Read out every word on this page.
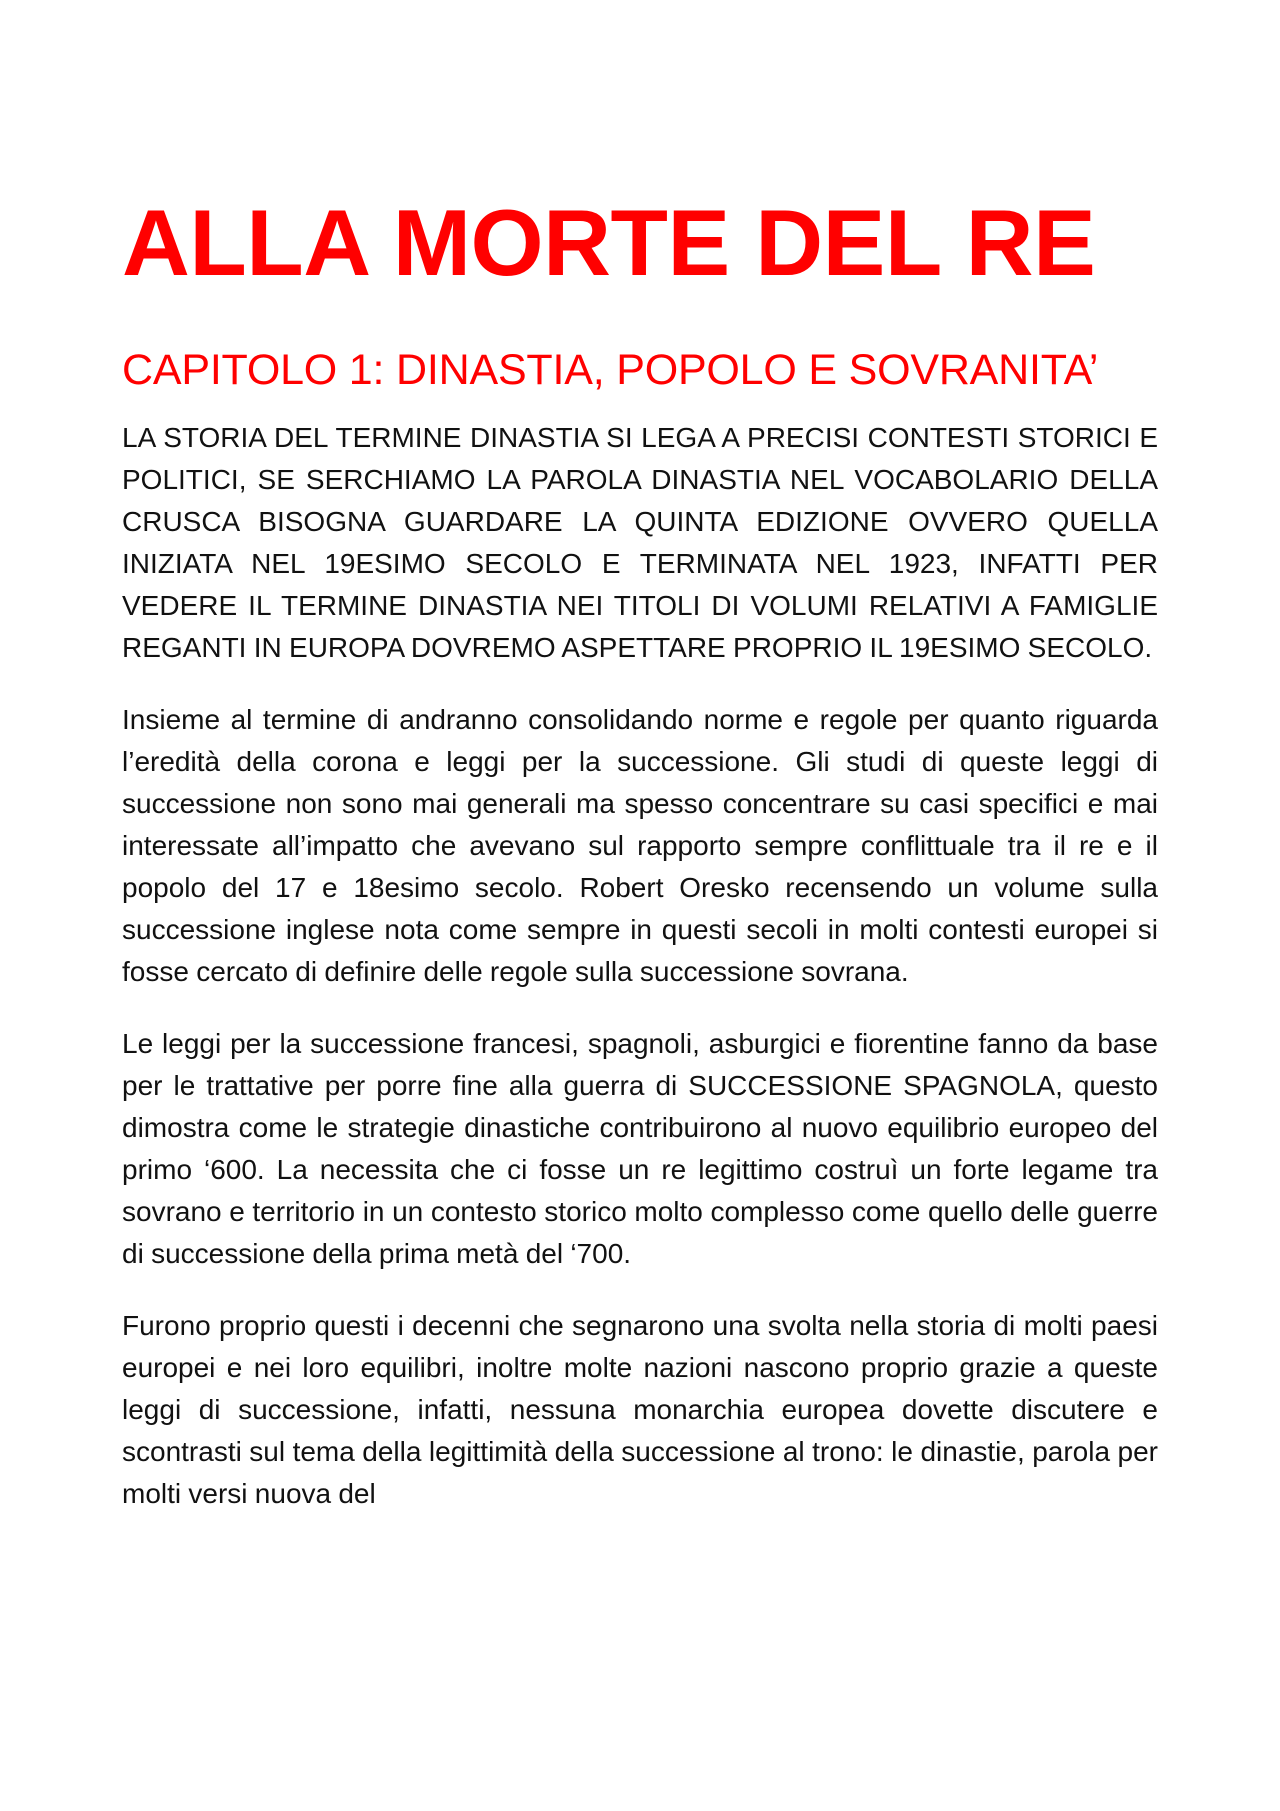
ALLA MORTE DEL RE
CAPITOLO 1: DINASTIA, POPOLO E SOVRANITA’

LA STORIA DEL TERMINE DINASTIA SI LEGA A PRECISI CONTESTI STORICI E POLITICI, SE SERCHIAMO LA PAROLA DINASTIA NEL VOCABOLARIO DELLA CRUSCA BISOGNA GUARDARE LA QUINTA EDIZIONE OVVERO QUELLA INIZIATA NEL 19ESIMO SECOLO E TERMINATA NEL 1923, INFATTI PER VEDERE IL TERMINE DINASTIA NEI TITOLI DI VOLUMI RELATIVI A FAMIGLIE REGANTI IN EUROPA DOVREMO ASPETTARE PROPRIO IL 19ESIMO SECOLO.

Insieme al termine di andranno consolidando norme e regole per quanto riguarda l’eredità della corona e leggi per la successione. Gli studi di queste leggi di successione non sono mai generali ma spesso concentrare su casi specifici e mai interessate all’impatto che avevano sul rapporto sempre conflittuale tra il re e il popolo del 17 e 18esimo secolo. Robert Oresko recensendo un volume sulla successione inglese nota come sempre in questi secoli in molti contesti europei si fosse cercato di definire delle regole sulla successione sovrana.

Le leggi per la successione francesi, spagnoli, asburgici e fiorentine fanno da base per le trattative per porre fine alla guerra di SUCCESSIONE SPAGNOLA, questo dimostra come le strategie dinastiche contribuirono al nuovo equilibrio europeo del primo ‘600. La necessita che ci fosse un re legittimo costruì un forte legame tra sovrano e territorio in un contesto storico molto complesso come quello delle guerre di successione della prima metà del ‘700.

Furono proprio questi i decenni che segnarono una svolta nella storia di molti paesi europei e nei loro equilibri, inoltre molte nazioni nascono proprio grazie a queste leggi di successione, infatti, nessuna monarchia europea dovette discutere e scontrasti sul tema della legittimità della successione al trono: le dinastie, parola per molti versi nuova del
